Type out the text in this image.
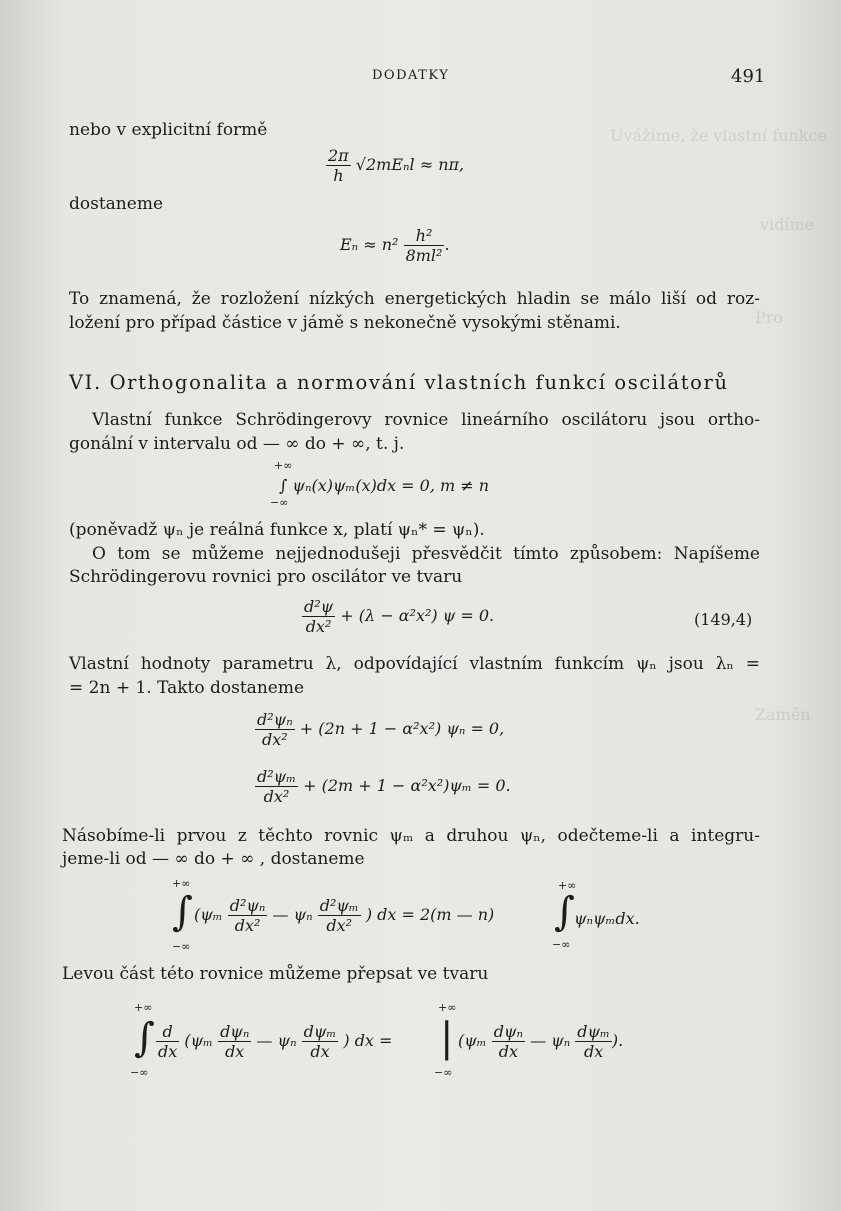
Uvážíme, že vlastní funkce
vidíme
Pro
Zaměn
DODATKY	491
nebo v explicitní formě
$\frac{2\pi}{h} √2mE_nl \approx n\pi$,
dostaneme
$E_n \approx n^2 \frac{\text{h²}}{\text{8ml²}}$ .
To znamená, že rozložení nízkých energetických hladin se málo liší od roz-
ložení pro případ částice v jámě s nekonečně vysokými stěnami.
VI. Orthogonalita a normování vlastních funkcí oscilátorů
Vlastní funkce Schrödingerovy rovnice lineárního oscilátoru jsou ortho-
gonální v intervalu od — ∞ do + ∞, t. j.
+∞
∫ ψₙ(x)ψₘ(x)dx = 0, m ≠ n
−∞
(poněvadž ψₙ je reálná funkce x, platí ψₙ* = ψₙ).
O tom se můžeme nejjednodušeji přesvědčit tímto způsobem: Napíšeme
Schrödingerovu rovnici pro oscilátor ve tvaru
$\frac{\text{d²ψ}}{\text{dx²}} + (\lambda - \alpha^2x^2) \psi = 0$.	(149,4)
Vlastní hodnoty parametru λ, odpovídající vlastním funkcím ψₙ jsou λₙ =
= 2n + 1. Takto dostaneme
$\frac{\text{d²ψₙ}}{\text{dx²}} + (2n + 1 - \alpha^2x^2) \psi_n = 0$,
$\frac{\text{d²ψₘ}}{\text{dx²}} + (2m + 1 - \alpha^2x^2)\psi_m = 0$.
Násobíme-li prvou z těchto rovnic ψₘ a druhou ψₙ, odečteme-li a integru-
jeme-li od — ∞ do + ∞ , dostaneme
+∞
−∞
∫ ($\psi_m \frac{\text{d²ψₙ}}{\text{dx²}}$ — ψₙ $\frac{\text{d²ψₘ}}{\text{dx²}}$ ) dx = 2(m — n)
+∞
−∞
∫ ψₙψₘdx.
Levou část této rovnice můžeme přepsat ve tvaru
+∞
−∞
∫ $\frac{d}{dx} (\psi_m \frac{\text{dψₙ}}{dx}$ — ψₙ $\frac{\text{dψₘ}}{dx}$ ) dx =
+∞
−∞
| ($\psi_m \frac{\text{dψₙ}}{dx}$ — ψₙ $\frac{\text{dψₘ}}{dx}$ ).
